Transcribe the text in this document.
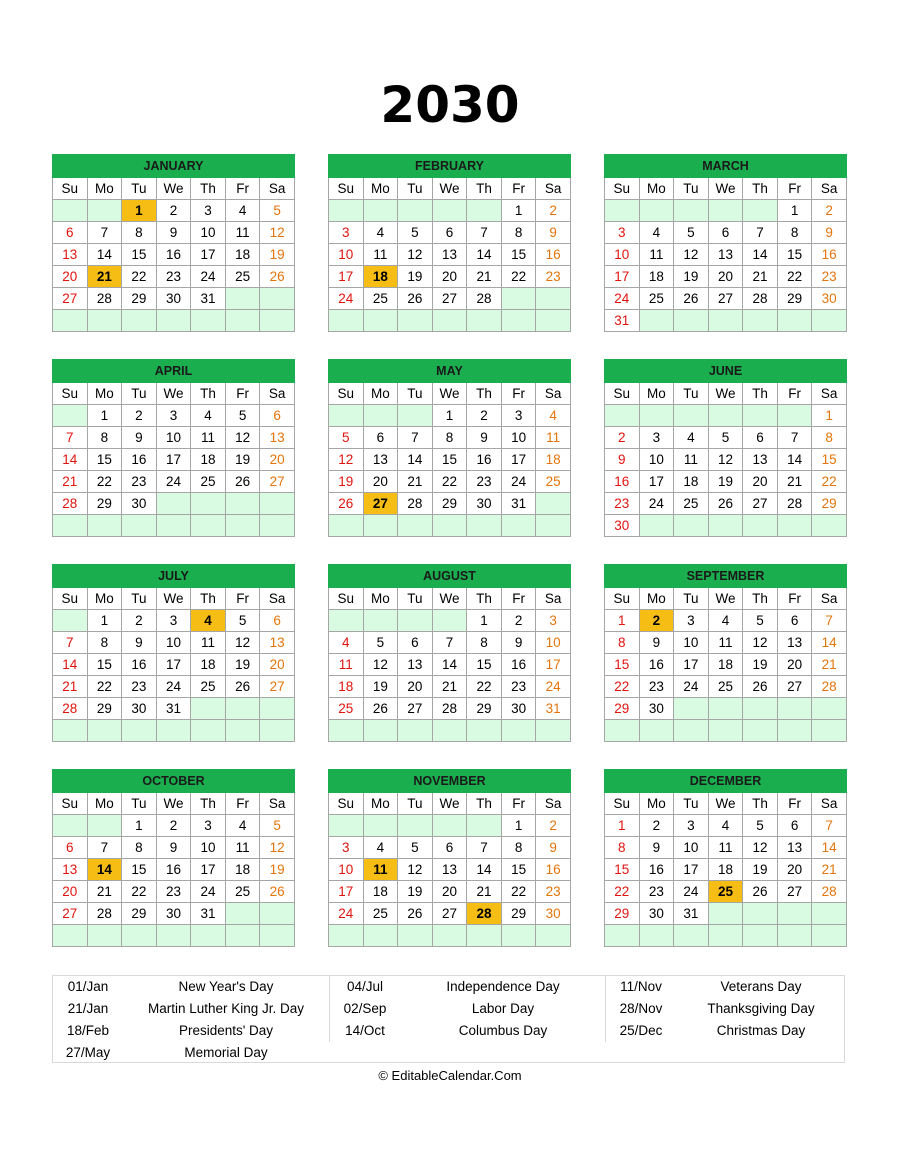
2030
JANUARY						
Su	Mo	Tu	We	Th	Fr	Sa
		1	2	3	4	5
6	7	8	9	10	11	12
13	14	15	16	17	18	19
20	21	22	23	24	25	26
27	28	29	30	31		

FEBRUARY						
Su	Mo	Tu	We	Th	Fr	Sa
					1	2
3	4	5	6	7	8	9
10	11	12	13	14	15	16
17	18	19	20	21	22	23
24	25	26	27	28		

MARCH						
Su	Mo	Tu	We	Th	Fr	Sa
					1	2
3	4	5	6	7	8	9
10	11	12	13	14	15	16
17	18	19	20	21	22	23
24	25	26	27	28	29	30
31						
APRIL						
Su	Mo	Tu	We	Th	Fr	Sa
	1	2	3	4	5	6
7	8	9	10	11	12	13
14	15	16	17	18	19	20
21	22	23	24	25	26	27
28	29	30				

MAY						
Su	Mo	Tu	We	Th	Fr	Sa
			1	2	3	4
5	6	7	8	9	10	11
12	13	14	15	16	17	18
19	20	21	22	23	24	25
26	27	28	29	30	31	

JUNE						
Su	Mo	Tu	We	Th	Fr	Sa
						1
2	3	4	5	6	7	8
9	10	11	12	13	14	15
16	17	18	19	20	21	22
23	24	25	26	27	28	29
30						
JULY						
Su	Mo	Tu	We	Th	Fr	Sa
	1	2	3	4	5	6
7	8	9	10	11	12	13
14	15	16	17	18	19	20
21	22	23	24	25	26	27
28	29	30	31			

AUGUST						
Su	Mo	Tu	We	Th	Fr	Sa
				1	2	3
4	5	6	7	8	9	10
11	12	13	14	15	16	17
18	19	20	21	22	23	24
25	26	27	28	29	30	31

SEPTEMBER						
Su	Mo	Tu	We	Th	Fr	Sa
1	2	3	4	5	6	7
8	9	10	11	12	13	14
15	16	17	18	19	20	21
22	23	24	25	26	27	28
29	30					

OCTOBER						
Su	Mo	Tu	We	Th	Fr	Sa
		1	2	3	4	5
6	7	8	9	10	11	12
13	14	15	16	17	18	19
20	21	22	23	24	25	26
27	28	29	30	31		

NOVEMBER						
Su	Mo	Tu	We	Th	Fr	Sa
					1	2
3	4	5	6	7	8	9
10	11	12	13	14	15	16
17	18	19	20	21	22	23
24	25	26	27	28	29	30

DECEMBER						
Su	Mo	Tu	We	Th	Fr	Sa
1	2	3	4	5	6	7
8	9	10	11	12	13	14
15	16	17	18	19	20	21
22	23	24	25	26	27	28
29	30	31				

01/Jan	New Year's Day
21/Jan	Martin Luther King Jr. Day
18/Feb	Presidents' Day
27/May	Memorial Day
04/Jul	Independence Day
02/Sep	Labor Day
14/Oct	Columbus Day
11/Nov	Veterans Day
28/Nov	Thanksgiving Day
25/Dec	Christmas Day
© EditableCalendar.Com
